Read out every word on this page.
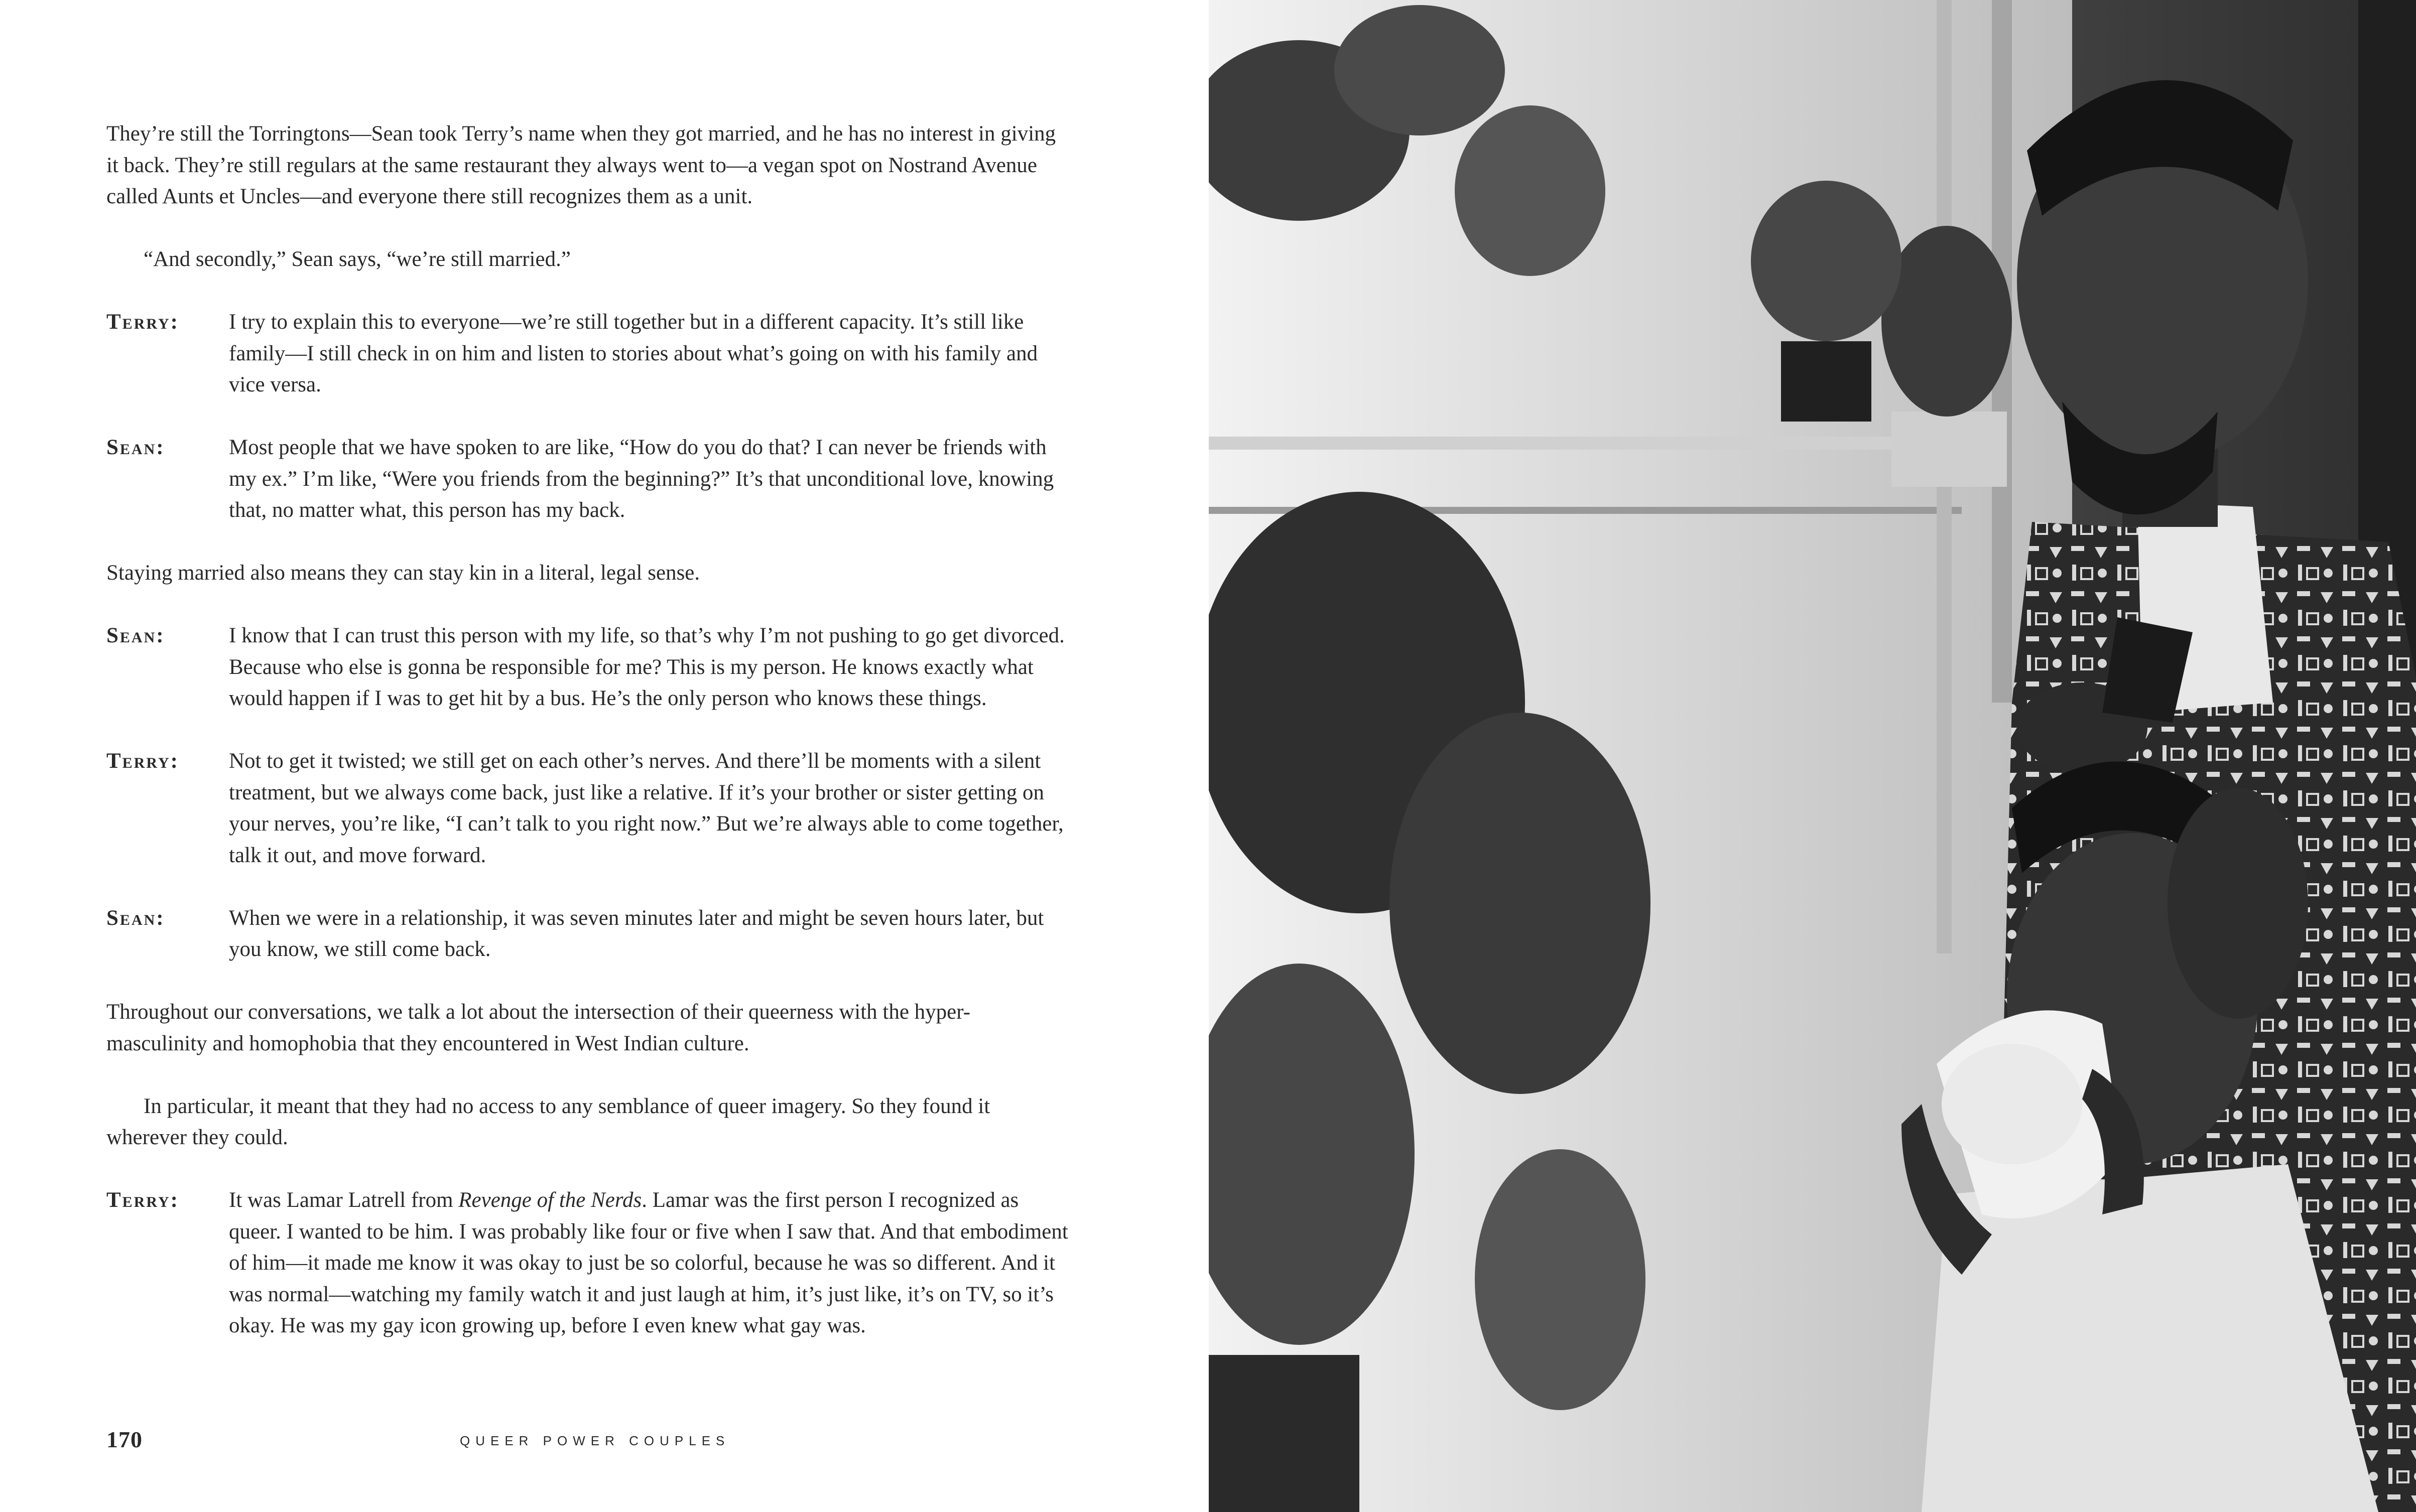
They’re still the Torringtons—Sean took Terry’s name when they got married, and he has no interest in giving it back. They’re still regulars at the same restaurant they always went to—a vegan spot on Nostrand Avenue called Aunts et Uncles—and everyone there still recognizes them as a unit.

“And secondly,” Sean says, “we’re still married.”

Terry:	I try to explain this to everyone—we’re still together but in a different capacity. It’s still like family—I still check in on him and listen to stories about what’s going on with his family and vice versa.
Sean:	Most people that we have spoken to are like, “How do you do that? I can never be friends with my ex.” I’m like, “Were you friends from the beginning?” It’s that unconditional love, knowing that, no matter what, this person has my back.

Staying married also means they can stay kin in a literal, legal sense.

Sean:	I know that I can trust this person with my life, so that’s why I’m not pushing to go get divorced. Because who else is gonna be responsible for me? This is my person. He knows exactly what would happen if I was to get hit by a bus. He’s the only person who knows these things.
Terry:	Not to get it twisted; we still get on each other’s nerves. And there’ll be moments with a silent treatment, but we always come back, just like a relative. If it’s your brother or sister getting on your nerves, you’re like, “I can’t talk to you right now.” But we’re always able to come together, talk it out, and move forward.
Sean:	When we were in a relationship, it was seven minutes later and might be seven hours later, but you know, we still come back.

Throughout our conversations, we talk a lot about the intersection of their queerness with the hyper-masculinity and homophobia that they encountered in West Indian culture.

In particular, it meant that they had no access to any semblance of queer imagery. So they found it wherever they could.

Terry:	It was Lamar Latrell from Revenge of the Nerds. Lamar was the first person I recognized as queer. I wanted to be him. I was probably like four or five when I saw that. And that embodiment of him—it made me know it was okay to just be so colorful, because he was so different. And it was normal—watching my family watch it and just laugh at him, it’s just like, it’s on TV, so it’s okay. He was my gay icon growing up, before I even knew what gay was.
170	QUEER POWER COUPLES
